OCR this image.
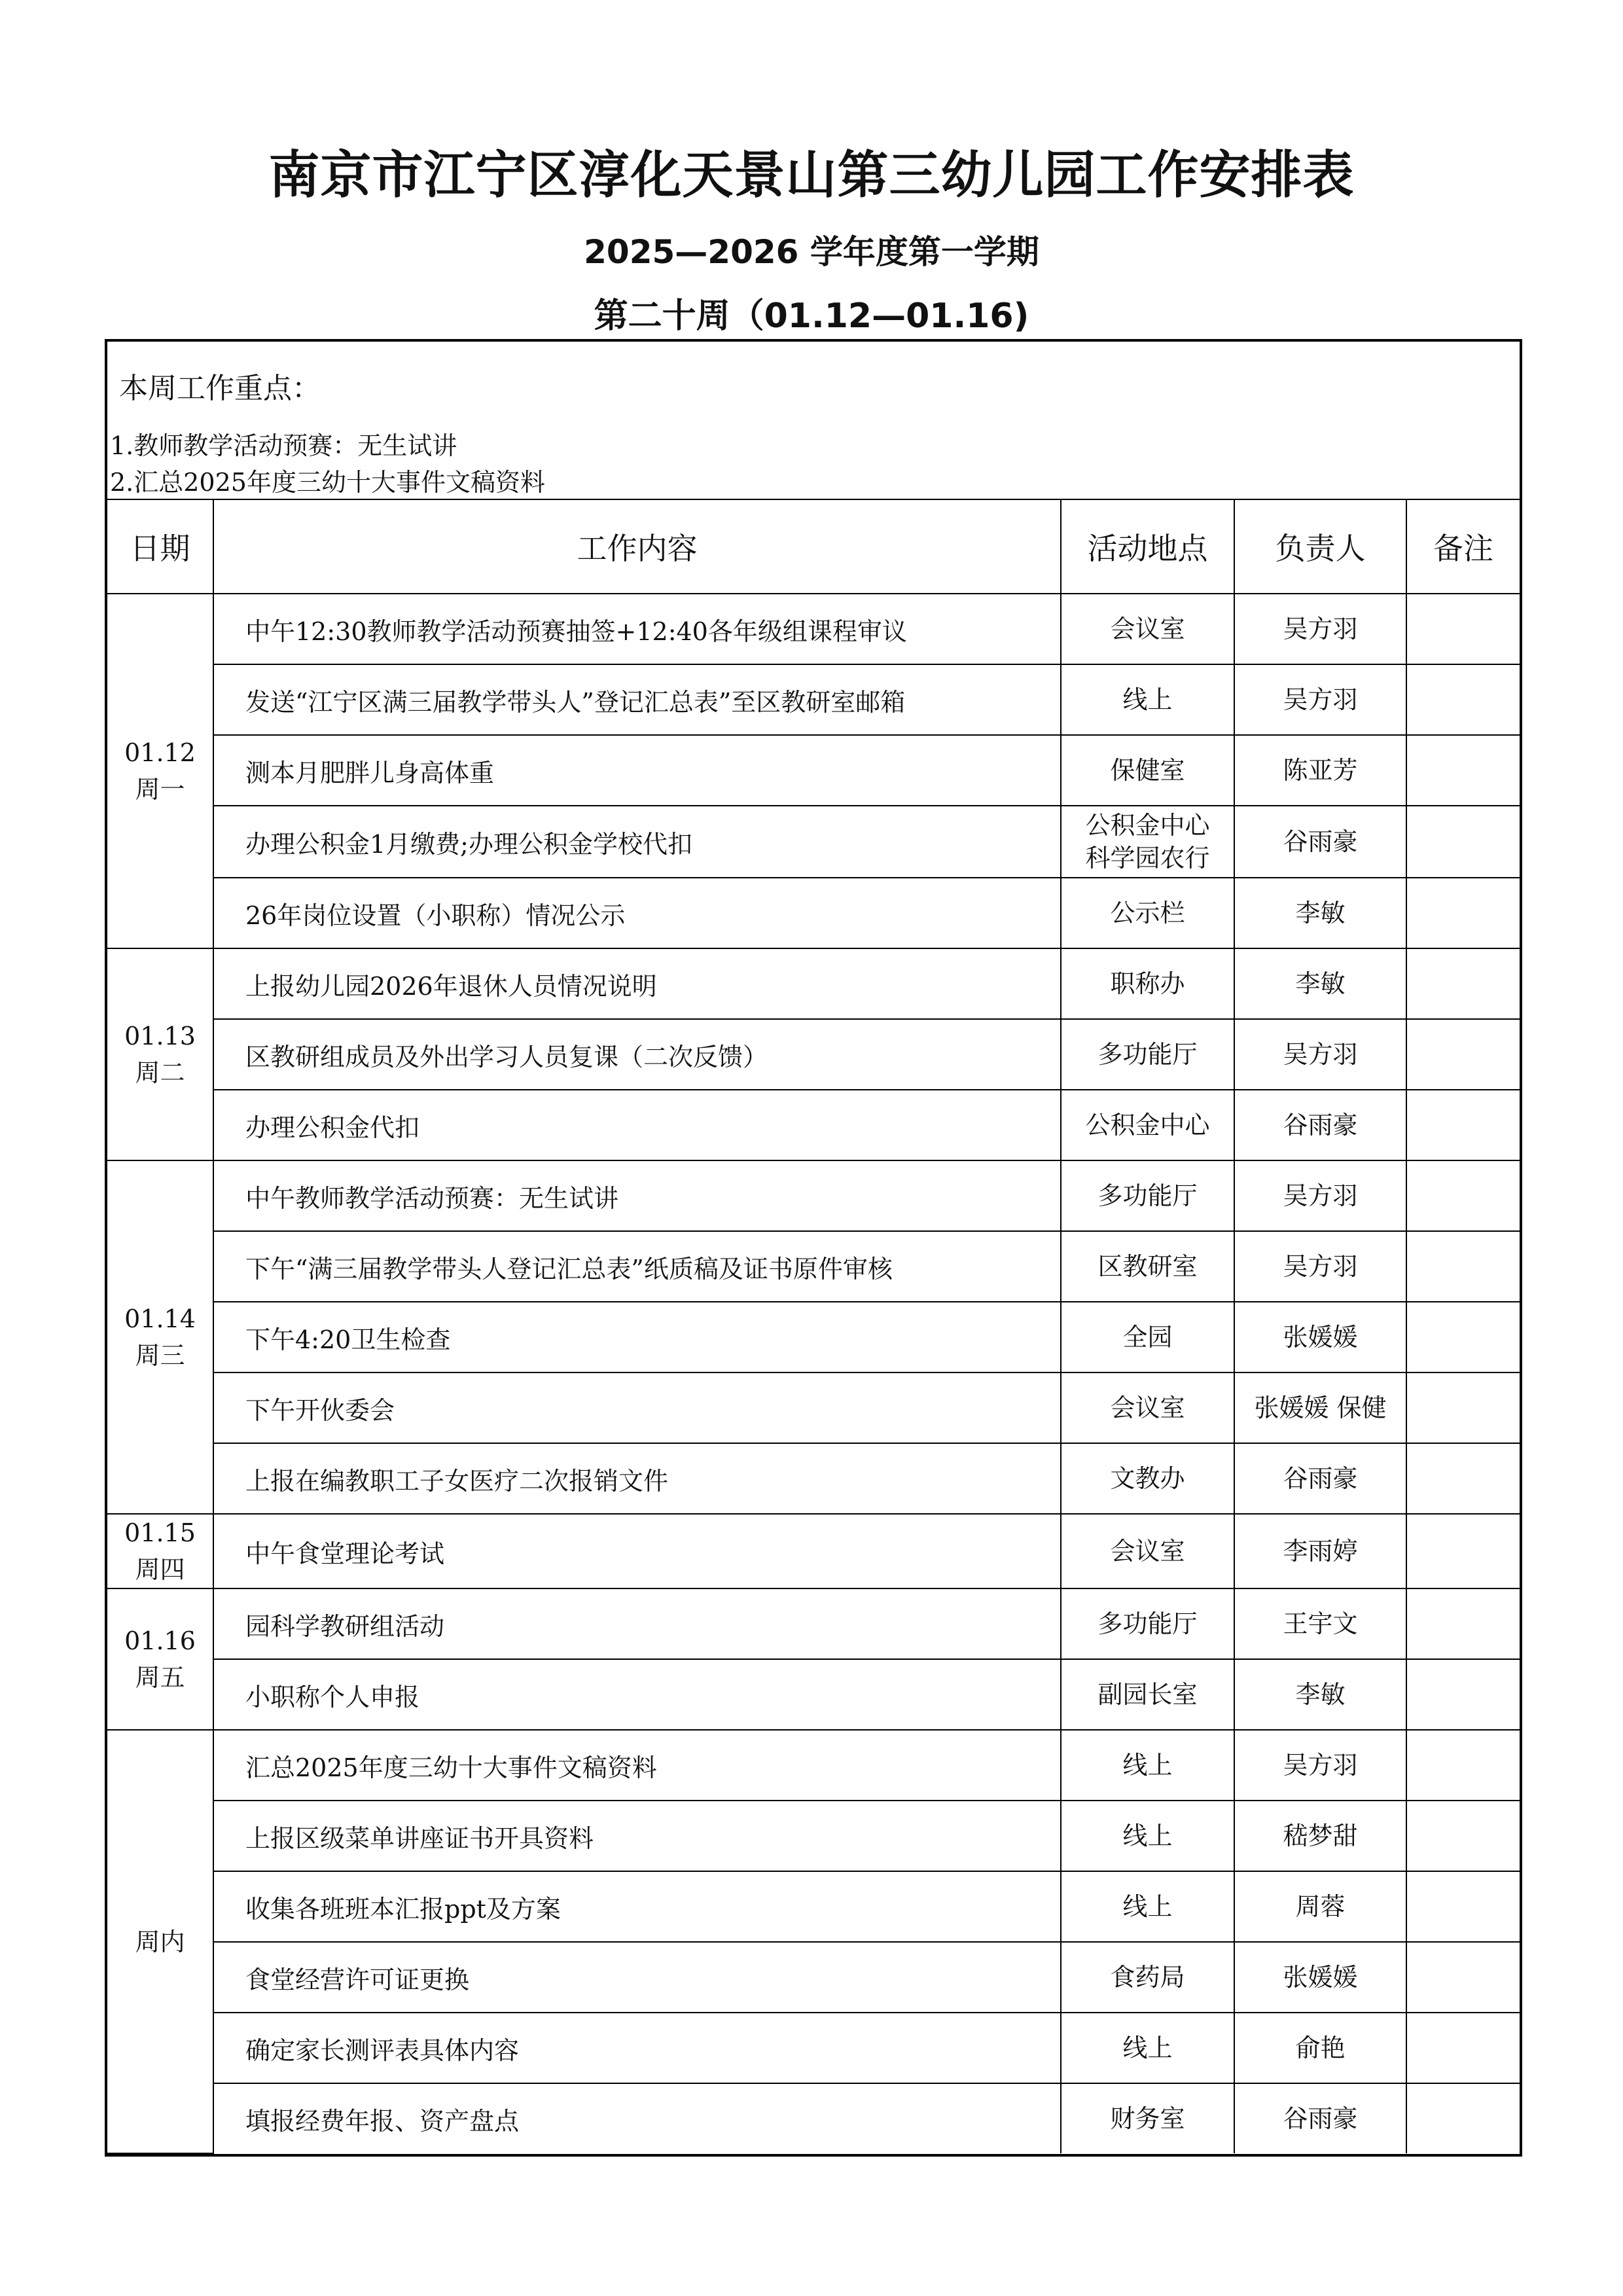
南京市江宁区淳化天景山第三幼儿园工作安排表
2025—2026 学年度第一学期
第二十周（01.12—01.16)
本周工作重点：
1.教师教学活动预赛：无生试讲
2.汇总2025年度三幼十大事件文稿资料
日期	工作内容	活动地点	负责人	备注

01.12
周一	中午12:30教师教学活动预赛抽签+12:40各年级组课程审议	会议室	吴方羽	
	发送“江宁区满三届教学带头人”登记汇总表”至区教研室邮箱	线上	吴方羽	
	测本月肥胖儿身高体重	保健室	陈亚芳	
	办理公积金1月缴费;办理公积金学校代扣	公积金中心
科学园农行	谷雨豪	
	26年岗位设置（小职称）情况公示	公示栏	李敏	

01.13
周二	上报幼儿园2026年退休人员情况说明	职称办	李敏	
	区教研组成员及外出学习人员复课（二次反馈）	多功能厅	吴方羽	
	办理公积金代扣	公积金中心	谷雨豪	

01.14
周三	中午教师教学活动预赛：无生试讲	多功能厅	吴方羽	
	下午“满三届教学带头人登记汇总表”纸质稿及证书原件审核	区教研室	吴方羽	
	下午4:20卫生检查	全园	张媛媛	
	下午开伙委会	会议室	张媛媛 保健	
	上报在编教职工子女医疗二次报销文件	文教办	谷雨豪	

01.15
周四	中午食堂理论考试	会议室	李雨婷	

01.16
周五	园科学教研组活动	多功能厅	王宇文	
	小职称个人申报	副园长室	李敏	

周内	汇总2025年度三幼十大事件文稿资料	线上	吴方羽	
	上报区级菜单讲座证书开具资料	线上	嵇梦甜	
	收集各班班本汇报ppt及方案	线上	周蓉	
	食堂经营许可证更换	食药局	张媛媛	
	确定家长测评表具体内容	线上	俞艳	
	填报经费年报、资产盘点	财务室	谷雨豪	
